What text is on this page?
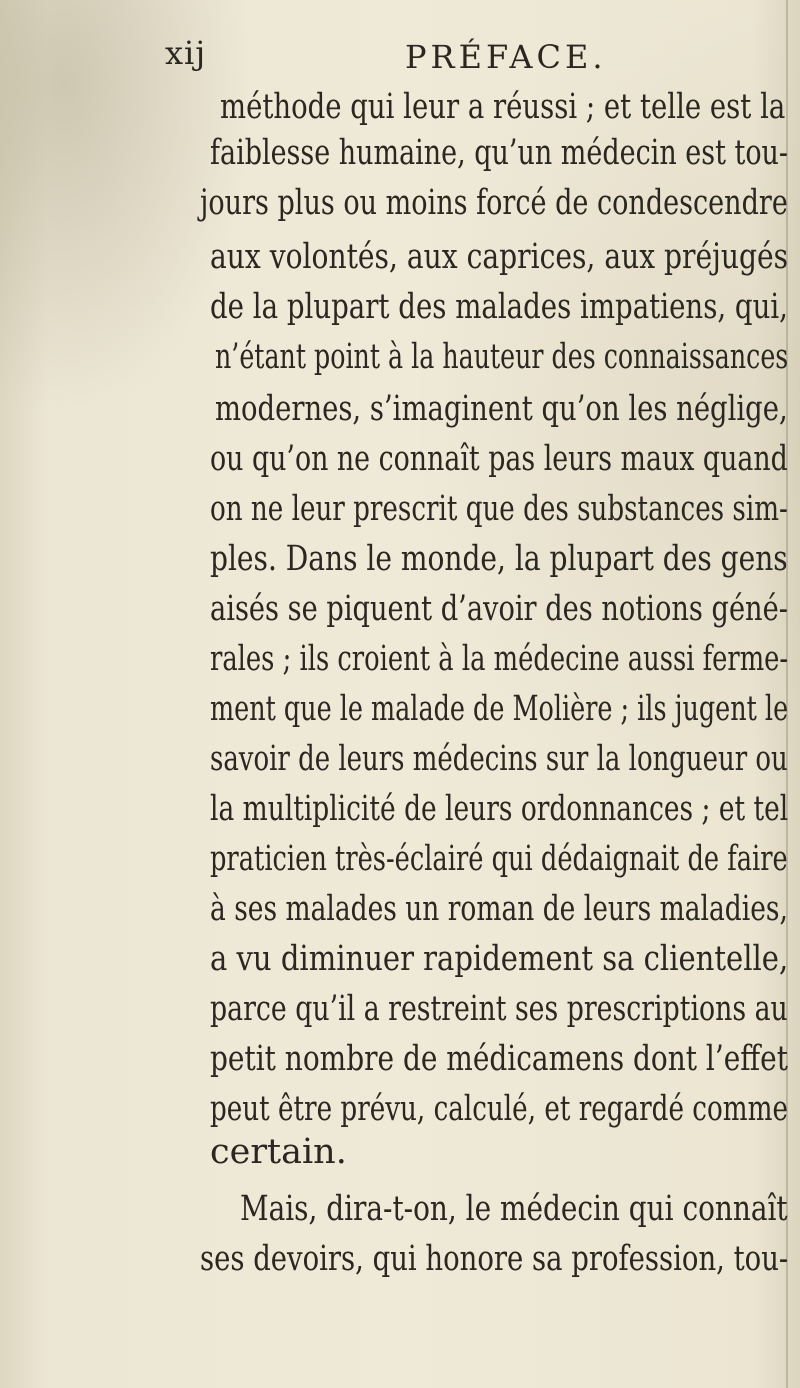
xij	PRÉFACE.
méthode qui leur a réussi ; et telle est la
faiblesse humaine, qu’un médecin est tou-
jours plus ou moins forcé de condescendre
aux volontés, aux caprices, aux préjugés
de la plupart des malades impatiens, qui,
n’étant point à la hauteur des connaissances
modernes, s’imaginent qu’on les néglige,
ou qu’on ne connaît pas leurs maux quand
on ne leur prescrit que des substances sim-
ples. Dans le monde, la plupart des gens
aisés se piquent d’avoir des notions géné-
rales ; ils croient à la médecine aussi ferme-
ment que le malade de Molière ; ils jugent le
savoir de leurs médecins sur la longueur ou
la multiplicité de leurs ordonnances ; et tel
praticien très-éclairé qui dédaignait de faire
à ses malades un roman de leurs maladies,
a vu diminuer rapidement sa clientelle,
parce qu’il a restreint ses prescriptions au
petit nombre de médicamens dont l’effet
peut être prévu, calculé, et regardé comme
certain.
Mais, dira-t-on, le médecin qui connaît
ses devoirs, qui honore sa profession, tou-
